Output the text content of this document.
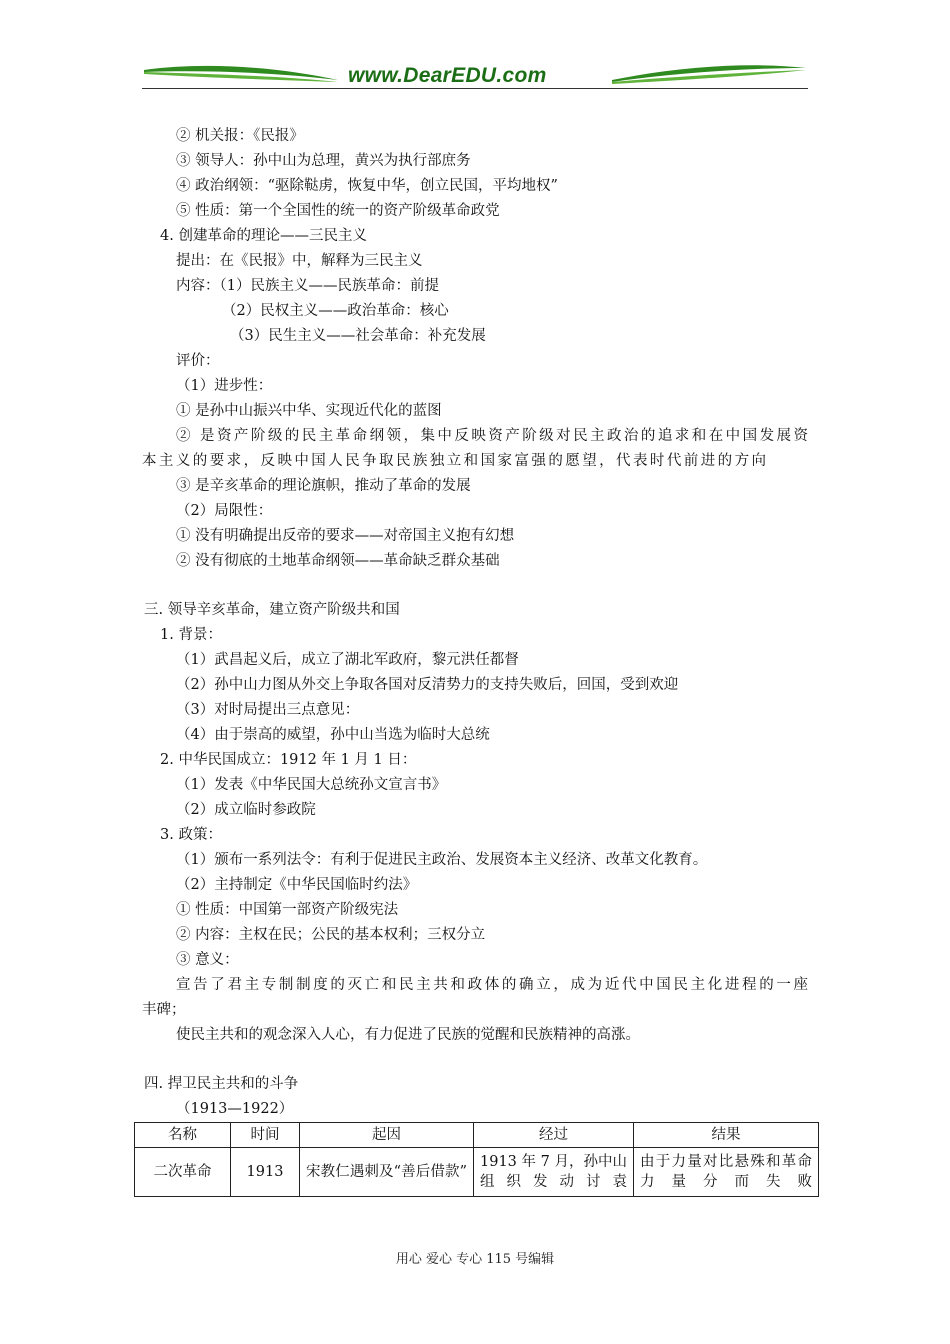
www.DearEDU.com
② 机关报：《民报》
③ 领导人：孙中山为总理，黄兴为执行部庶务
④ 政治纲领：“驱除鞑虏，恢复中华，创立民国，平均地权”
⑤ 性质：第一个全国性的统一的资产阶级革命政党
4. 创建革命的理论——三民主义
提出：在《民报》中，解释为三民主义
内容：（1）民族主义——民族革命：前提
（2）民权主义——政治革命：核心
（3）民生主义——社会革命：补充发展
评价：
（1）进步性：
① 是孙中山振兴中华、实现近代化的蓝图
② 是资产阶级的民主革命纲领，集中反映资产阶级对民主政治的追求和在中国发展资
本主义的要求，反映中国人民争取民族独立和国家富强的愿望，代表时代前进的方向
③ 是辛亥革命的理论旗帜，推动了革命的发展
（2）局限性：
① 没有明确提出反帝的要求——对帝国主义抱有幻想
② 没有彻底的土地革命纲领——革命缺乏群众基础
三. 领导辛亥革命，建立资产阶级共和国
1. 背景：
（1）武昌起义后，成立了湖北军政府，黎元洪任都督
（2）孙中山力图从外交上争取各国对反清势力的支持失败后，回国，受到欢迎
（3）对时局提出三点意见：
（4）由于崇高的威望，孙中山当选为临时大总统
2. 中华民国成立：1912 年 1 月 1 日：
（1）发表《中华民国大总统孙文宣言书》
（2）成立临时参政院
3. 政策：
（1）颁布一系列法令：有利于促进民主政治、发展资本主义经济、改革文化教育。
（2）主持制定《中华民国临时约法》
① 性质：中国第一部资产阶级宪法
② 内容：主权在民；公民的基本权利；三权分立
③ 意义：
宣告了君主专制制度的灭亡和民主共和政体的确立，成为近代中国民主化进程的一座
丰碑；
使民主共和的观念深入人心，有力促进了民族的觉醒和民族精神的高涨。
四. 捍卫民主共和的斗争
（1913—1922）
名称	时间	起因	经过	结果
二次革命	1913	宋教仁遇刺及“善后借款”	1913 年 7 月，孙中山组织发动讨袁	由于力量对比悬殊和革命力量分而失败
用心 爱心 专心 115 号编辑
